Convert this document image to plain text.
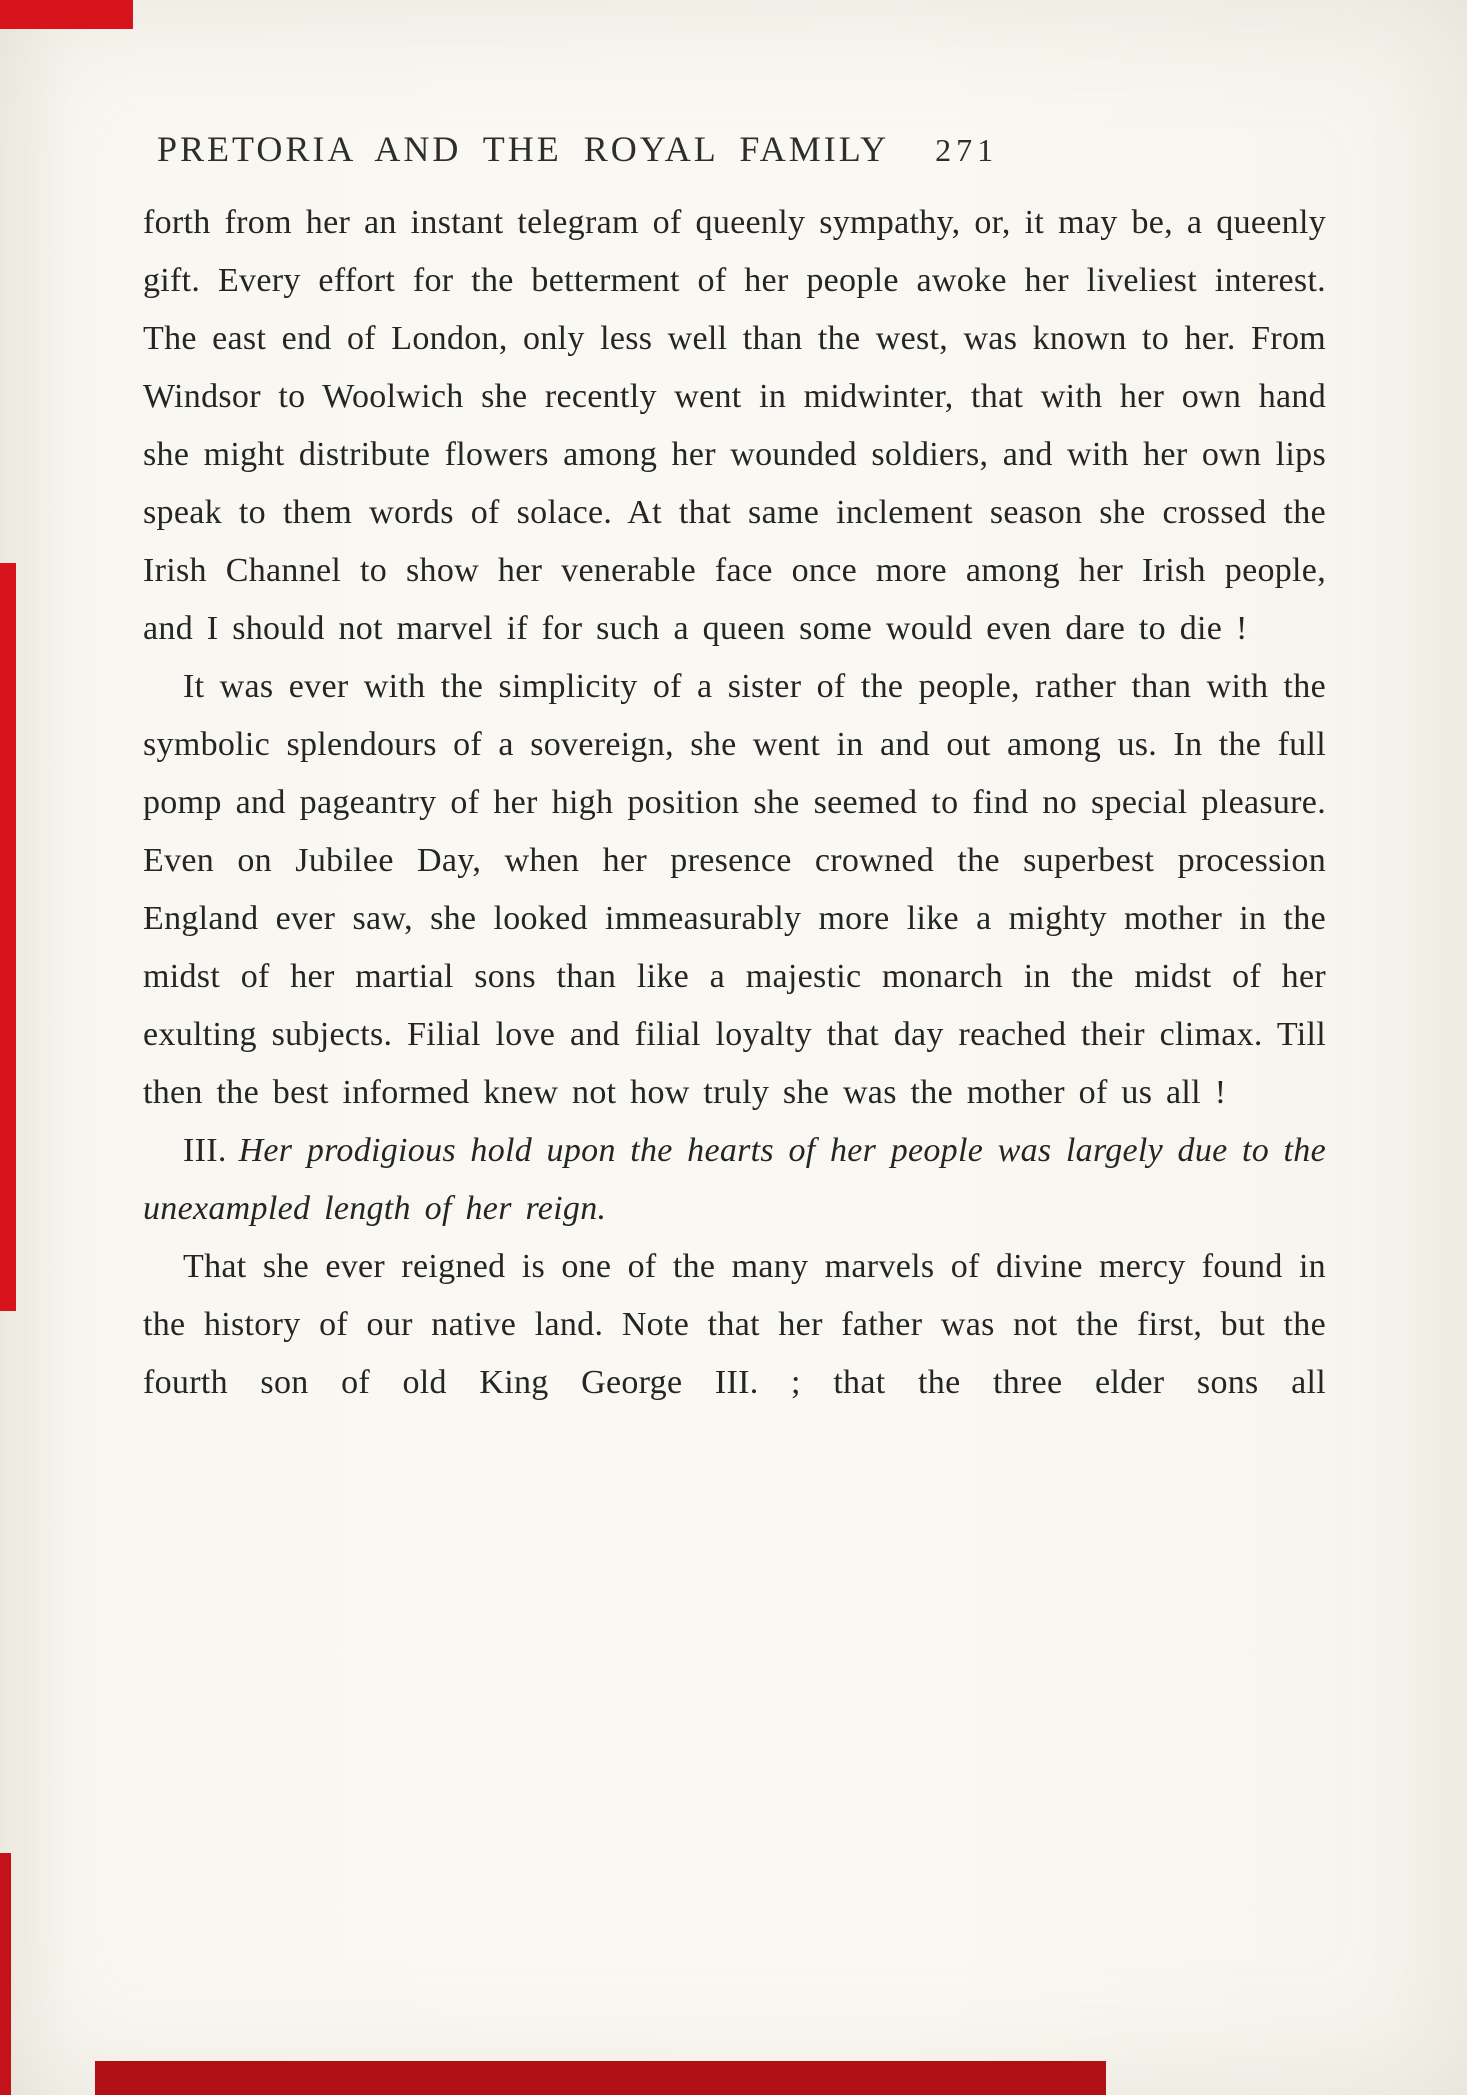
PRETORIA AND THE ROYAL FAMILY 271

forth from her an instant telegram of queenly sympathy, or, it may be, a queenly gift. Every effort for the betterment of her people awoke her liveliest interest. The east end of London, only less well than the west, was known to her. From Windsor to Woolwich she recently went in midwinter, that with her own hand she might distribute flowers among her wounded soldiers, and with her own lips speak to them words of solace. At that same inclement season she crossed the Irish Channel to show her venerable face once more among her Irish people, and I should not marvel if for such a queen some would even dare to die !

It was ever with the simplicity of a sister of the people, rather than with the symbolic splendours of a sovereign, she went in and out among us. In the full pomp and pageantry of her high position she seemed to find no special pleasure. Even on Jubilee Day, when her presence crowned the superbest procession England ever saw, she looked immeasurably more like a mighty mother in the midst of her martial sons than like a majestic monarch in the midst of her exulting subjects. Filial love and filial loyalty that day reached their climax. Till then the best informed knew not how truly she was the mother of us all !

III. Her prodigious hold upon the hearts of her people was largely due to the unexampled length of her reign.

That she ever reigned is one of the many marvels of divine mercy found in the history of our native land. Note that her father was not the first, but the fourth son of old King George III. ; that the three elder sons all
